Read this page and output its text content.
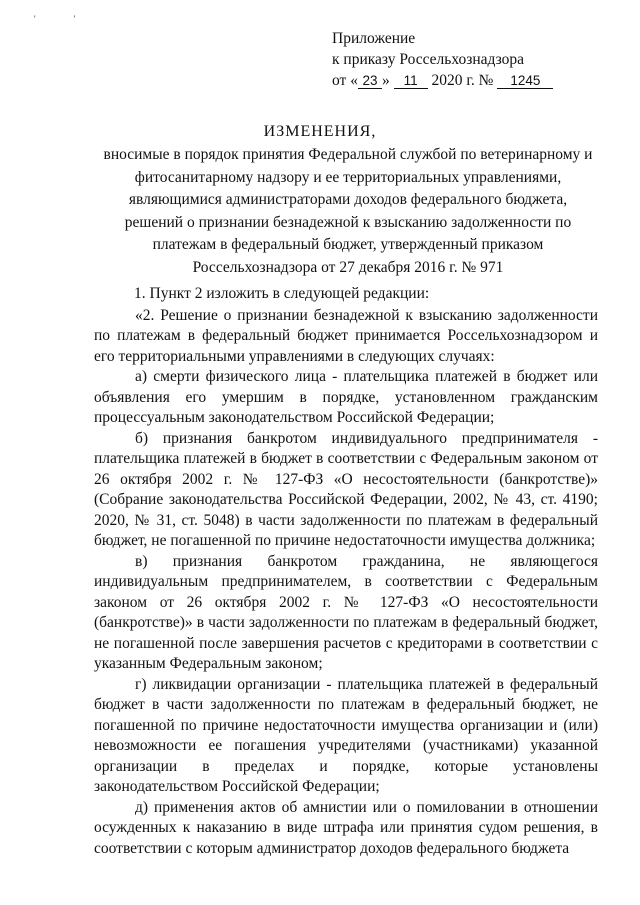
' '
Приложение
к приказу Россельхознадзора
от « 23 » 11 2020 г. № 1245
ИЗМЕНЕНИЯ,
вносимые в порядок принятия Федеральной службой по ветеринарному и фитосанитарному надзору и ее территориальных управлениями, являющимися администраторами доходов федерального бюджета, решений о признании безнадежной к взысканию задолженности по платежам в федеральный бюджет, утвержденный приказом Россельхознадзора от 27 декабря 2016 г. № 971

1. Пункт 2 изложить в следующей редакции:

«2. Решение о признании безнадежной к взысканию задолженности по платежам в федеральный бюджет принимается Россельхознадзором и его территориальными управлениями в следующих случаях:

а) смерти физического лица - плательщика платежей в бюджет или объявления его умершим в порядке, установленном гражданским процессуальным законодательством Российской Федерации;

б) признания банкротом индивидуального предпринимателя - плательщика платежей в бюджет в соответствии с Федеральным законом от 26 октября 2002 г. № 127-ФЗ «О несостоятельности (банкротстве)» (Собрание законодательства Российской Федерации, 2002, № 43, ст. 4190; 2020, № 31, ст. 5048) в части задолженности по платежам в федеральный бюджет, не погашенной по причине недостаточности имущества должника;

в) признания банкротом гражданина, не являющегося индивидуальным предпринимателем, в соответствии с Федеральным законом от 26 октября 2002 г. № 127-ФЗ «О несостоятельности (банкротстве)» в части задолженности по платежам в федеральный бюджет, не погашенной после завершения расчетов с кредиторами в соответствии с указанным Федеральным законом;

г) ликвидации организации - плательщика платежей в федеральный бюджет в части задолженности по платежам в федеральный бюджет, не погашенной по причине недостаточности имущества организации и (или) невозможности ее погашения учредителями (участниками) указанной организации в пределах и порядке, которые установлены законодательством Российской Федерации;

д) применения актов об амнистии или о помиловании в отношении осужденных к наказанию в виде штрафа или принятия судом решения, в соответствии с которым администратор доходов федерального бюджета
